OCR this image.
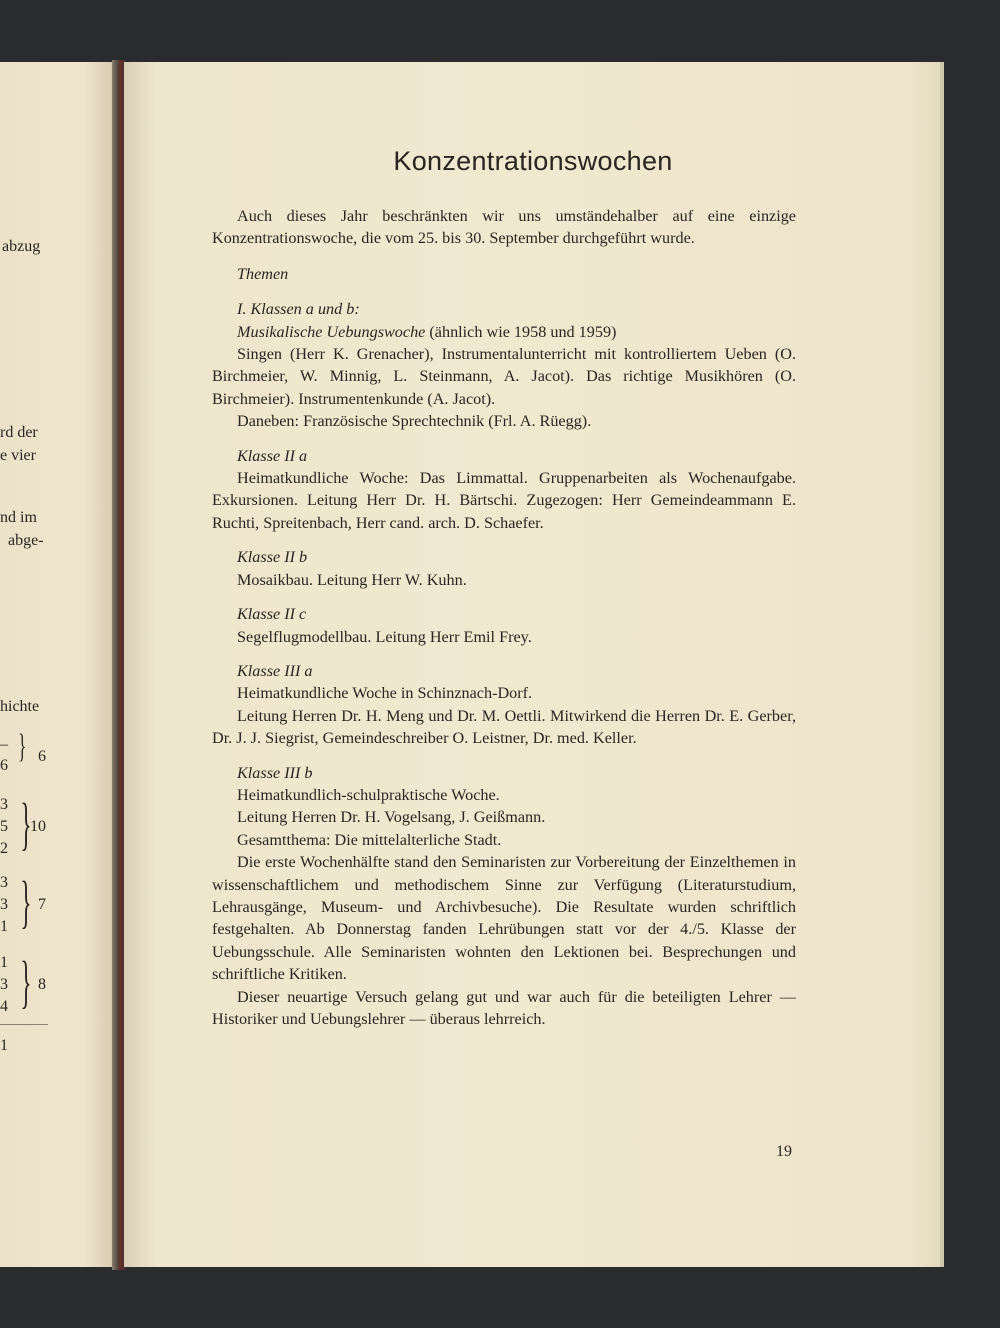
abzug
rd der
e vier
nd im
abge-
hichte
–
6
6
}
3
5 10
2 }
3
3 7
1 }
1
3 8
4 }
1
Konzentrationswochen

Auch dieses Jahr beschränkten wir uns umständehalber auf eine einzige Konzentrationswoche, die vom 25. bis 30. September durchgeführt wurde.

Themen

I. Klassen a und b:

Musikalische Uebungswoche (ähnlich wie 1958 und 1959)

Singen (Herr K. Grenacher), Instrumentalunterricht mit kontrolliertem Ueben (O. Birchmeier, W. Minnig, L. Steinmann, A. Jacot). Das richtige Musikhören (O. Birchmeier). Instrumentenkunde (A. Jacot).

Daneben: Französische Sprechtechnik (Frl. A. Rüegg).

Klasse II a

Heimatkundliche Woche: Das Limmattal. Gruppenarbeiten als Wochenaufgabe. Exkursionen. Leitung Herr Dr. H. Bärtschi. Zugezogen: Herr Gemeindeammann E. Ruchti, Spreitenbach, Herr cand. arch. D. Schaefer.

Klasse II b

Mosaikbau. Leitung Herr W. Kuhn.

Klasse II c

Segelflugmodellbau. Leitung Herr Emil Frey.

Klasse III a

Heimatkundliche Woche in Schinznach-Dorf.

Leitung Herren Dr. H. Meng und Dr. M. Oettli. Mitwirkend die Herren Dr. E. Gerber, Dr. J. J. Siegrist, Gemeindeschreiber O. Leistner, Dr. med. Keller.

Klasse III b

Heimatkundlich-schulpraktische Woche.

Leitung Herren Dr. H. Vogelsang, J. Geißmann.

Gesamtthema: Die mittelalterliche Stadt.

Die erste Wochenhälfte stand den Seminaristen zur Vorbereitung der Einzelthemen in wissenschaftlichem und methodischem Sinne zur Verfügung (Literaturstudium, Lehrausgänge, Museum- und Archivbesuche). Die Resultate wurden schriftlich festgehalten. Ab Donnerstag fanden Lehrübungen statt vor der 4./5. Klasse der Uebungsschule. Alle Seminaristen wohnten den Lektionen bei. Besprechungen und schriftliche Kritiken.

Dieser neuartige Versuch gelang gut und war auch für die beteiligten Lehrer — Historiker und Uebungslehrer — überaus lehrreich.

19
